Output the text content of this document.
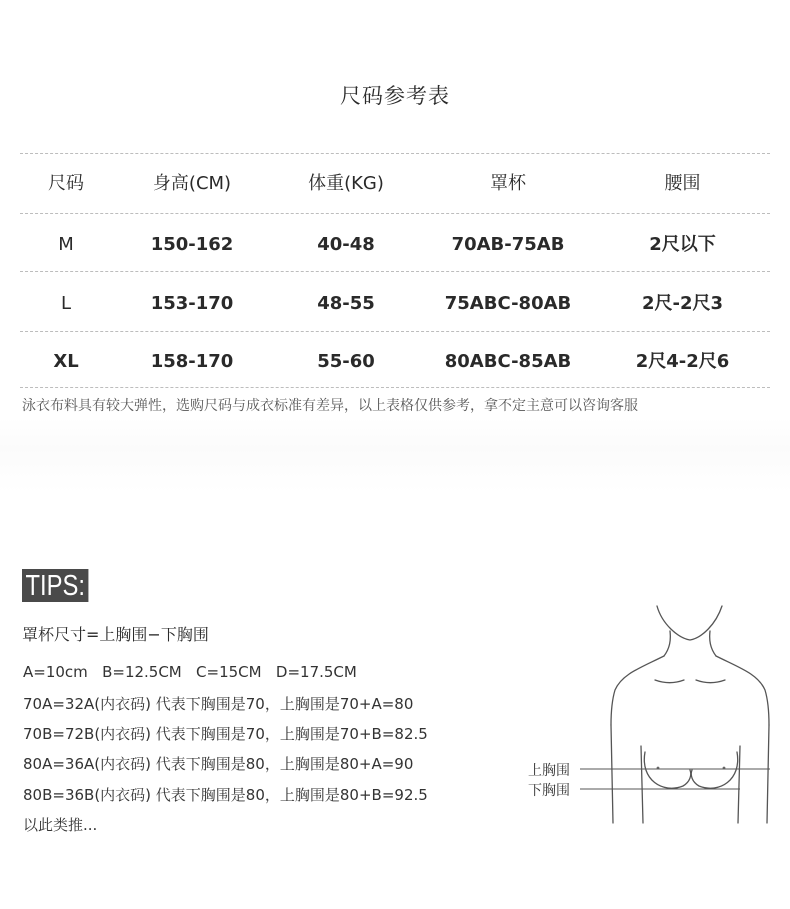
尺码参考表
尺码	身高(CM)	体重(KG)	罩杯	腰围
M	150-162	40-48	70AB-75AB	2尺以下
L	153-170	48-55	75ABC-80AB	2尺-2尺3
XL	158-170	55-60	80ABC-85AB	2尺4-2尺6
泳衣布料具有较大弹性，选购尺码与成衣标准有差异，以上表格仅供参考，拿不定主意可以咨询客服
TIPS:
罩杯尺寸=上胸围−下胸围
A=10cm   B=12.5CM   C=15CM   D=17.5CM
70A=32A(内衣码) 代表下胸围是70，上胸围是70+A=80
70B=72B(内衣码) 代表下胸围是70，上胸围是70+B=82.5
80A=36A(内衣码) 代表下胸围是80，上胸围是80+A=90
80B=36B(内衣码) 代表下胸围是80，上胸围是80+B=92.5
以此类推...
上胸围
下胸围
